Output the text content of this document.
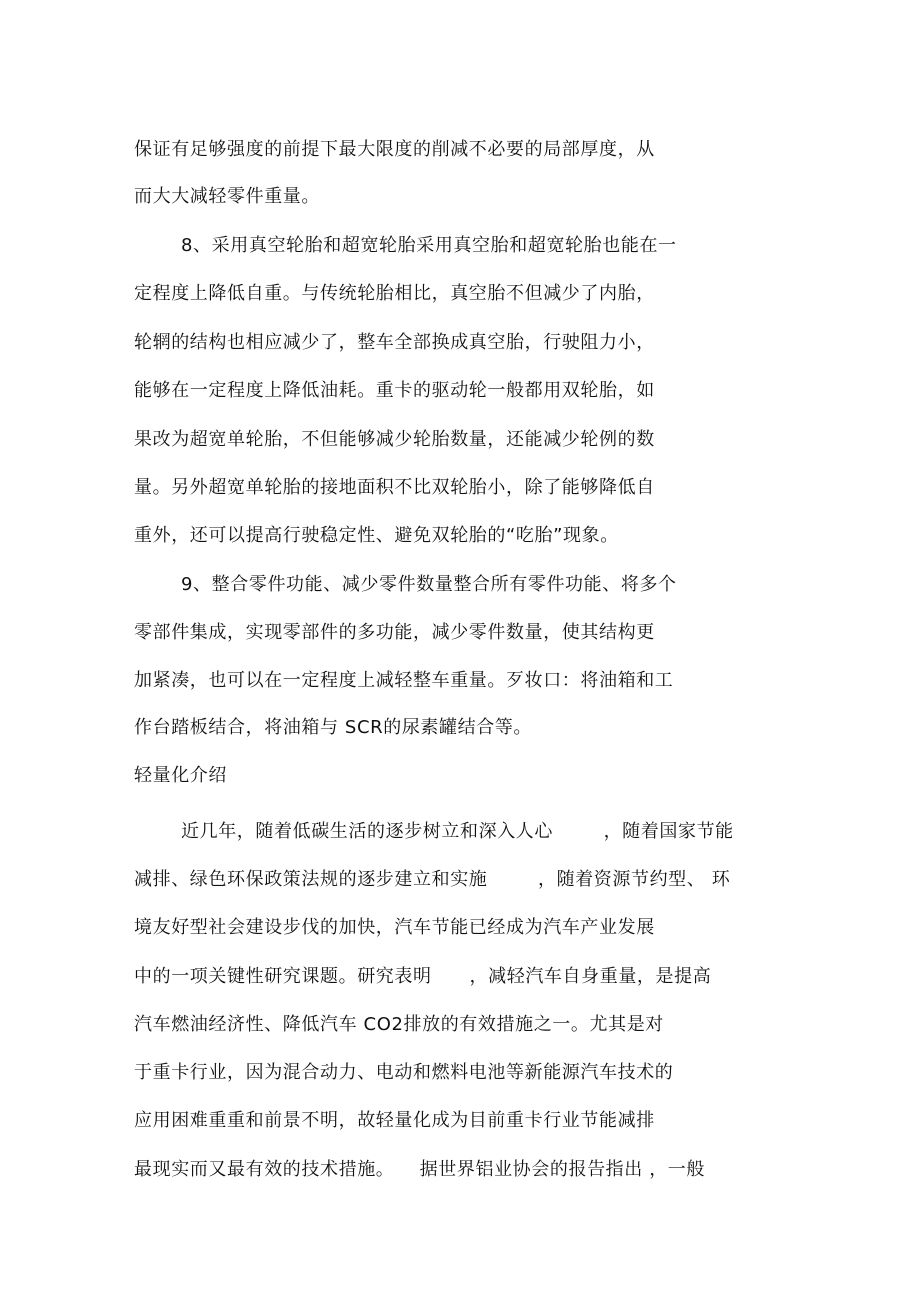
保证有足够强度的前提下最大限度的削减不必要的局部厚度，从
而大大减轻零件重量。
8、采用真空轮胎和超宽轮胎采用真空胎和超宽轮胎也能在一
定程度上降低自重。与传统轮胎相比，真空胎不但减少了内胎，
轮辋的结构也相应减少了，整车全部换成真空胎，行驶阻力小，
能够在一定程度上降低油耗。重卡的驱动轮一般都用双轮胎，如
果改为超宽单轮胎，不但能够减少轮胎数量，还能减少轮例的数
量。另外超宽单轮胎的接地面积不比双轮胎小，除了能够降低自
重外，还可以提高行驶稳定性、避免双轮胎的“吃胎”现象。
9、整合零件功能、减少零件数量整合所有零件功能、将多个
零部件集成，实现零部件的多功能，减少零件数量，使其结构更
加紧凑，也可以在一定程度上减轻整车重量。歹妆口：将油箱和工
作台踏板结合，将油箱与 SCR的尿素罐结合等。
轻量化介绍
近几年，随着低碳生活的逐步树立和深入人心        ，随着国家节能
减排、绿色环保政策法规的逐步建立和实施        ，随着资源节约型、 环
境友好型社会建设步伐的加快，汽车节能已经成为汽车产业发展
中的一项关键性研究课题。研究表明      ，减轻汽车自身重量，是提高
汽车燃油经济性、降低汽车 CO2排放的有效措施之一。尤其是对
于重卡行业，因为混合动力、电动和燃料电池等新能源汽车技术的
应用困难重重和前景不明，故轻量化成为目前重卡行业节能减排
最现实而又最有效的技术措施。    据世界铝业协会的报告指出 ，一般
